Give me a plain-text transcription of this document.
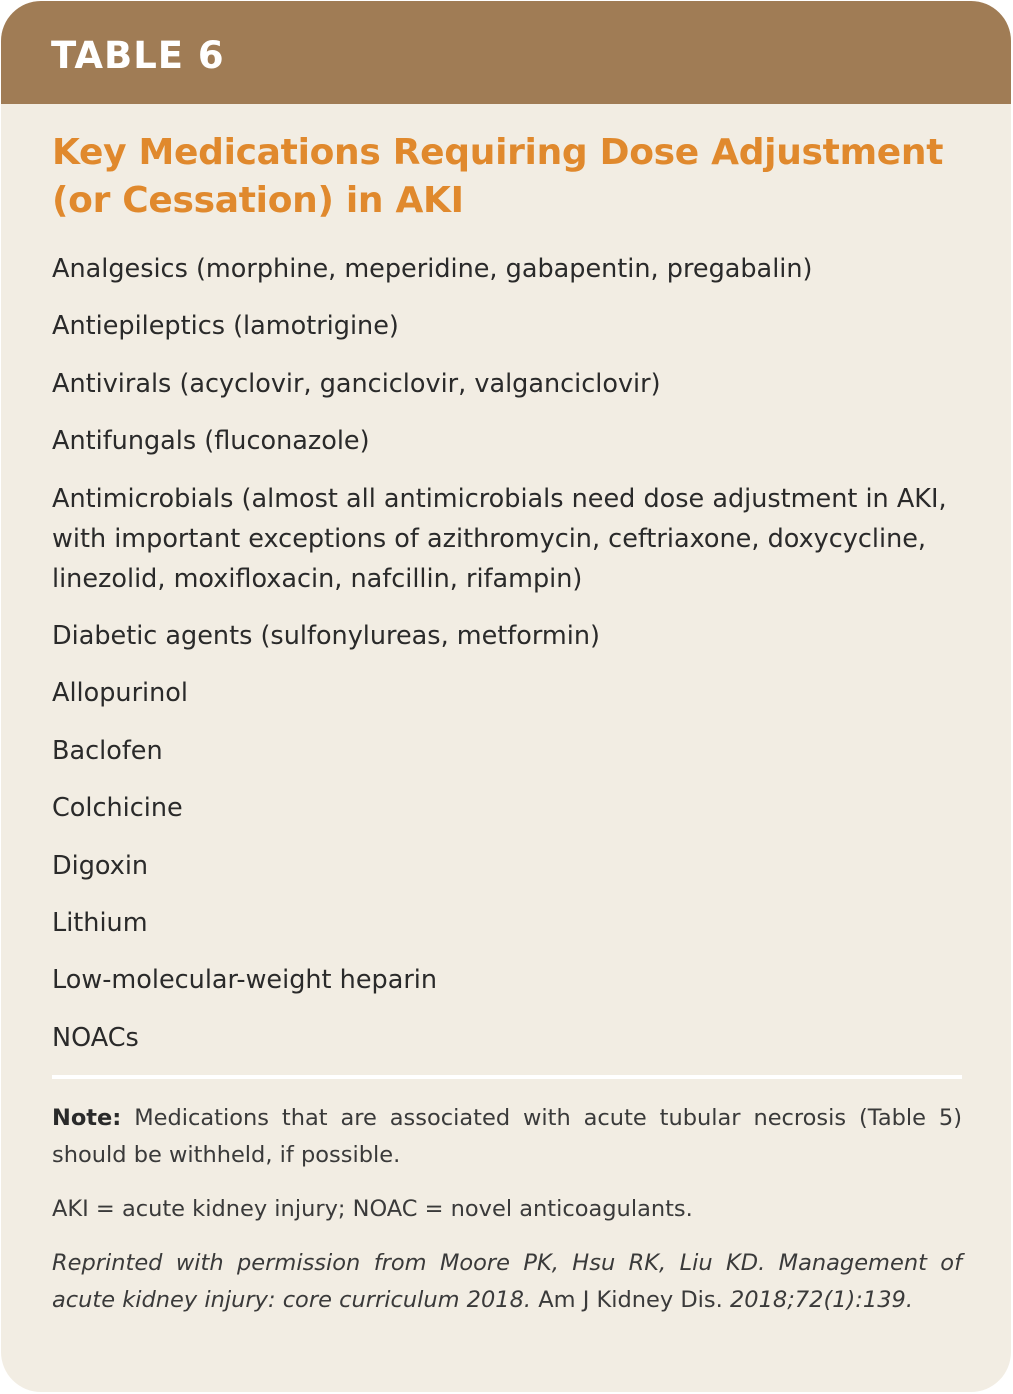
TABLE 6
Key Medications Requiring Dose Adjustment (or Cessation) in AKI
Analgesics (morphine, meperidine, gabapentin, pregabalin)
Antiepileptics (lamotrigine)
Antivirals (acyclovir, ganciclovir, valganciclovir)
Antifungals (fluconazole)
Antimicrobials (almost all antimicrobials need dose adjustment in AKI, with important exceptions of azithromycin, ceftriaxone, doxycycline, linezolid, moxifloxacin, nafcillin, rifampin)
Diabetic agents (sulfonylureas, metformin)
Allopurinol
Baclofen
Colchicine
Digoxin
Lithium
Low-molecular-weight heparin
NOACs

Note: Medications that are associated with acute tubular necrosis (Table 5) should be withheld, if possible.

AKI = acute kidney injury; NOAC = novel anticoagulants.

Reprinted with permission from Moore PK, Hsu RK, Liu KD. Management of acute kidney injury: core curriculum 2018. Am J Kidney Dis. 2018;72(1):139.
